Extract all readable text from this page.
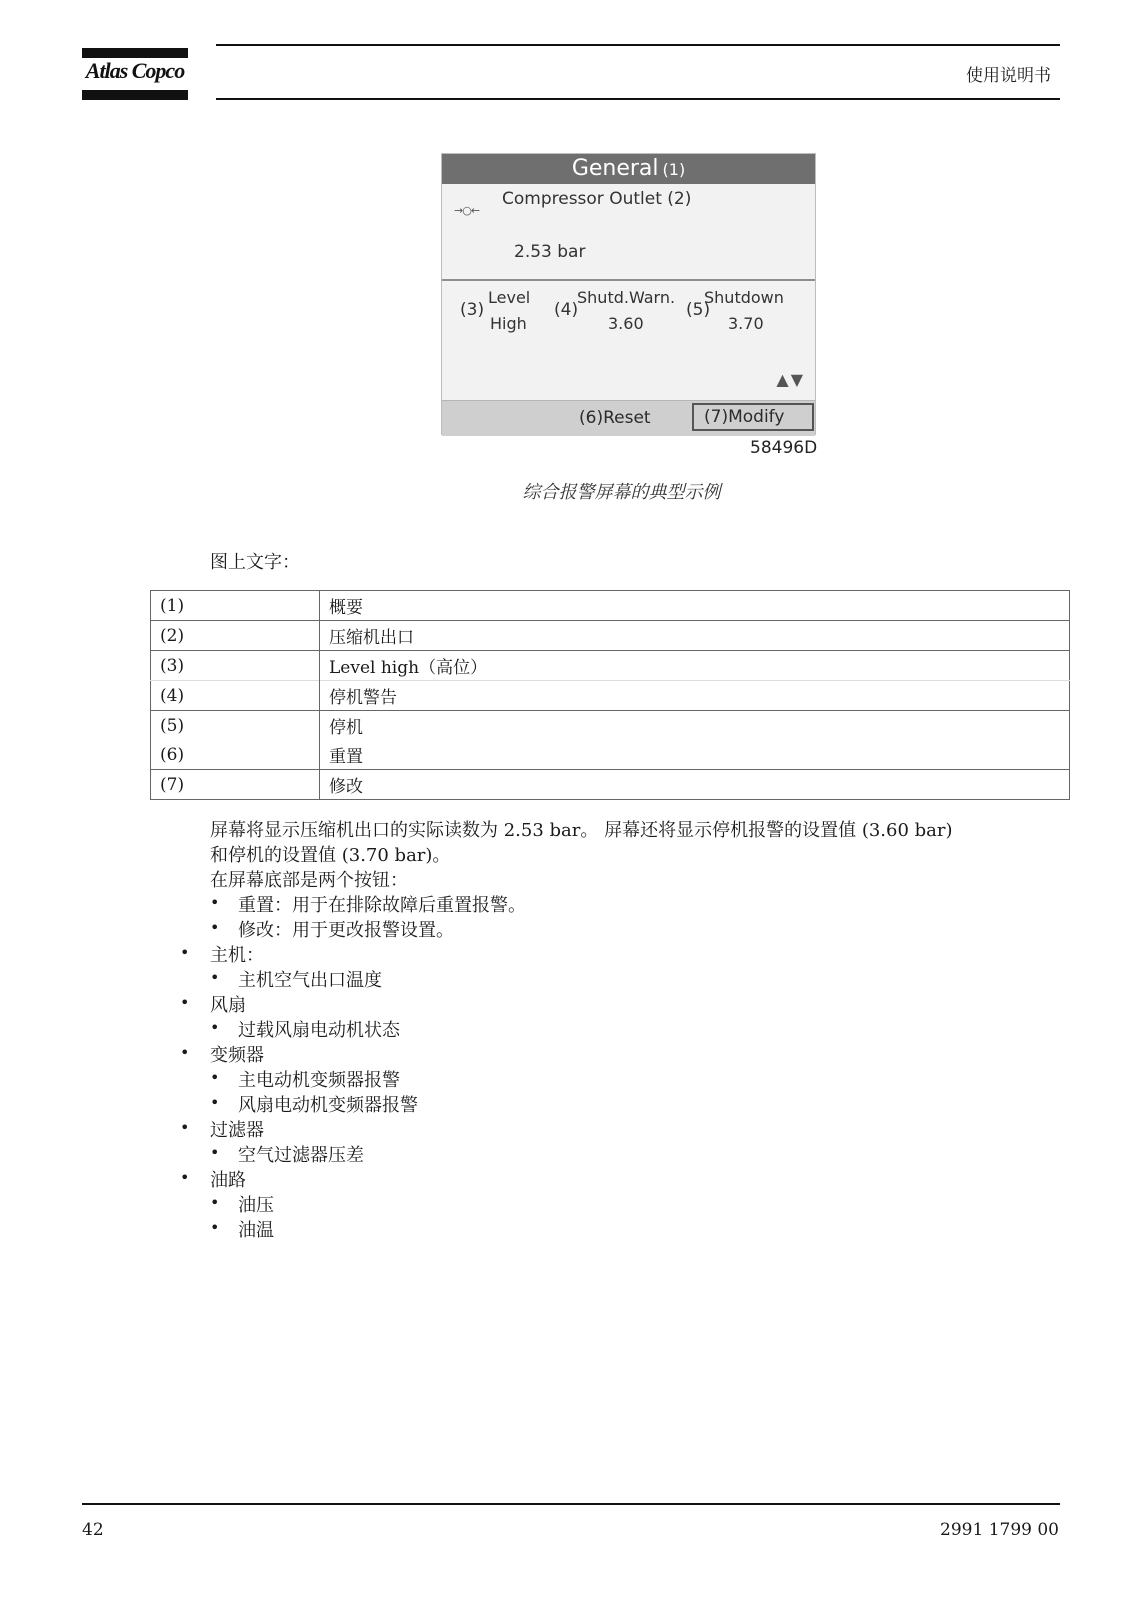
Atlas Copco	使用说明书
General (1)
→○←
Compressor Outlet (2)
2.53 bar
(3)
Level
High
(4)
Shutd.Warn.
3.60
(5)
Shutdown
3.70
▲▼
(6)Reset	(7)Modify
58496D
综合报警屏幕的典型示例
图上文字：
(1)	概要
(2)	压缩机出口
(3)	Level high（高位）
(4)	停机警告
(5)	停机
(6)	重置
(7)	修改
屏幕将显示压缩机出口的实际读数为 2.53 bar。 屏幕还将显示停机报警的设置值 (3.60 bar)
和停机的设置值 (3.70 bar)。
在屏幕底部是两个按钮：
• 重置：用于在排除故障后重置报警。
• 修改：用于更改报警设置。
• 主机：
• 主机空气出口温度
• 风扇
• 过载风扇电动机状态
• 变频器
• 主电动机变频器报警
• 风扇电动机变频器报警
• 过滤器
• 空气过滤器压差
• 油路
• 油压
• 油温
42	2991 1799 00
